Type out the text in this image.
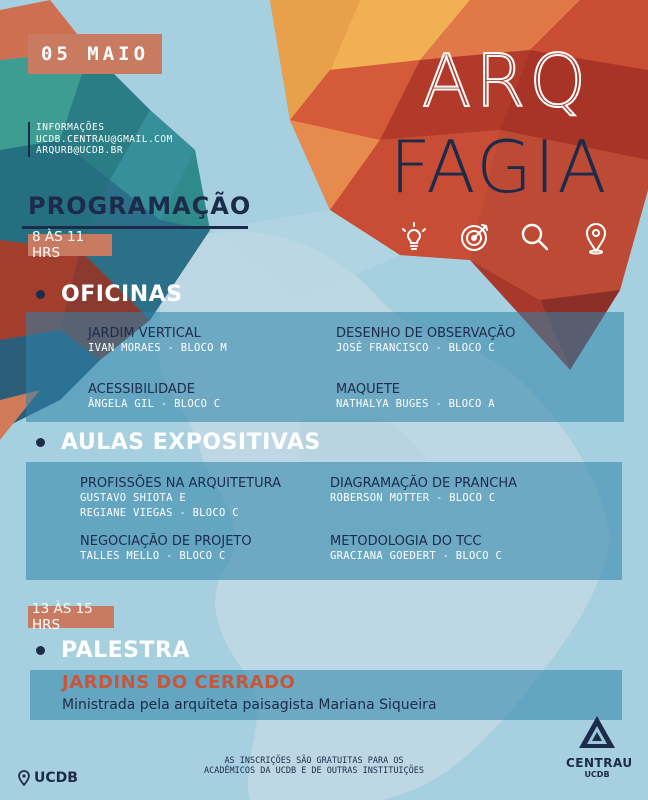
05 MAIO
INFORMAÇÕES
UCDB.CENTRAU@GMAIL.COM
ARQURB@UCDB.BR
ARQ
FAGIA
PROGRAMAÇÃO
8 ÀS 11 HRS
OFICINAS
JARDIM VERTICAL
IVAN MORAES - BLOCO M
DESENHO DE OBSERVAÇÃO
JOSÉ FRANCISCO - BLOCO C
ACESSIBILIDADE
ÂNGELA GIL - BLOCO C
MAQUETE
NATHALYA BUGES - BLOCO A
AULAS EXPOSITIVAS
PROFISSÕES NA ARQUITETURA
GUSTAVO SHIOTA E
REGIANE VIEGAS - BLOCO C
DIAGRAMAÇÃO DE PRANCHA
ROBERSON MOTTER - BLOCO C
NEGOCIAÇÃO DE PROJETO
TALLES MELLO - BLOCO C
METODOLOGIA DO TCC
GRACIANA GOEDERT - BLOCO C
13 ÀS 15 HRS
PALESTRA
JARDINS DO CERRADO
Ministrada pela arquiteta paisagista Mariana Siqueira
UCDB
AS INSCRIÇÕES SÃO GRATUITAS PARA OS
ACADÊMICOS DA UCDB E DE OUTRAS INSTITUIÇÕES
CENTRAU
UCDB
